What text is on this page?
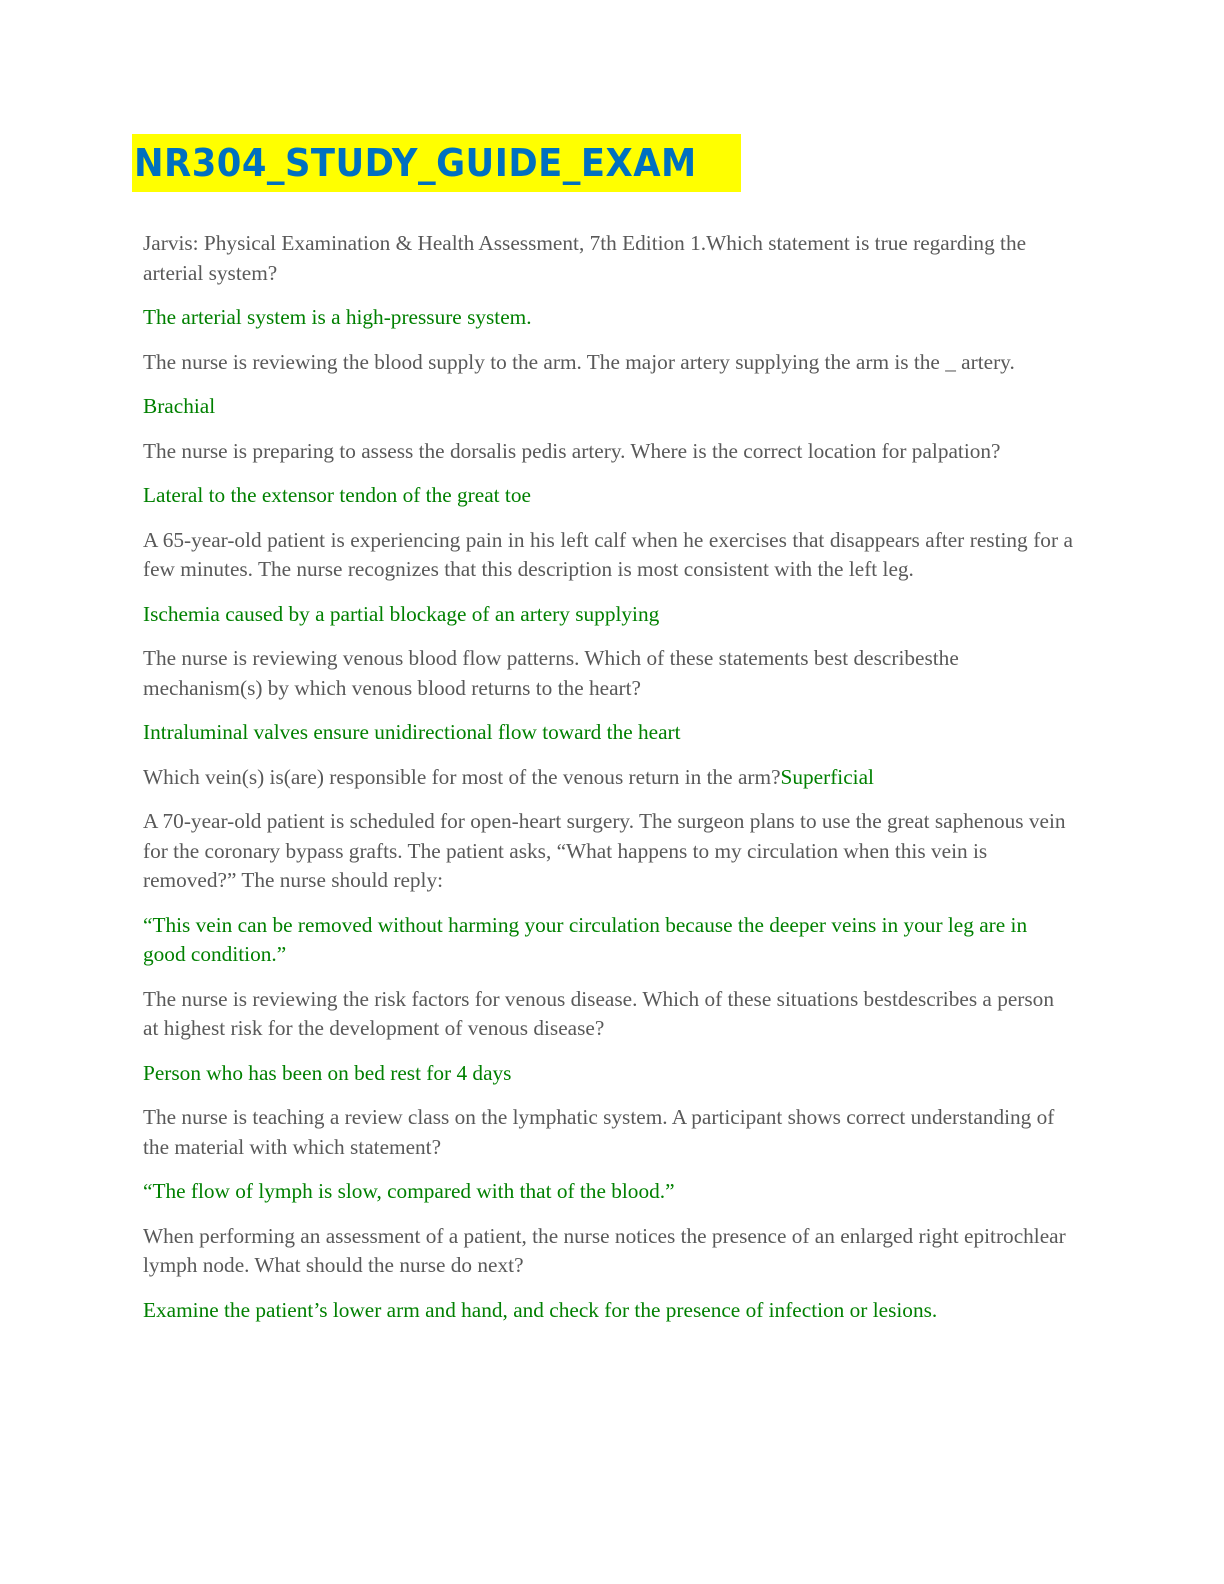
NR304_STUDY_GUIDE_EXAM

Jarvis: Physical Examination & Health Assessment, 7th Edition 1.Which statement is true regarding the arterial system?

The arterial system is a high-pressure system.

The nurse is reviewing the blood supply to the arm. The major artery supplying the arm is the _ artery.

Brachial

The nurse is preparing to assess the dorsalis pedis artery. Where is the correct location for palpation?

Lateral to the extensor tendon of the great toe

A 65-year-old patient is experiencing pain in his left calf when he exercises that disappears after resting for a few minutes. The nurse recognizes that this description is most consistent with the left leg.

Ischemia caused by a partial blockage of an artery supplying

The nurse is reviewing venous blood flow patterns. Which of these statements best describesthe mechanism(s) by which venous blood returns to the heart?

Intraluminal valves ensure unidirectional flow toward the heart

Which vein(s) is(are) responsible for most of the venous return in the arm?Superficial

A 70-year-old patient is scheduled for open-heart surgery. The surgeon plans to use the great saphenous vein for the coronary bypass grafts. The patient asks, “What happens to my circulation when this vein is removed?” The nurse should reply:

“This vein can be removed without harming your circulation because the deeper veins in your leg are in good condition.”

The nurse is reviewing the risk factors for venous disease. Which of these situations bestdescribes a person at highest risk for the development of venous disease?

Person who has been on bed rest for 4 days

The nurse is teaching a review class on the lymphatic system. A participant shows correct understanding of the material with which statement?

“The flow of lymph is slow, compared with that of the blood.”

When performing an assessment of a patient, the nurse notices the presence of an enlarged right epitrochlear lymph node. What should the nurse do next?

Examine the patient’s lower arm and hand, and check for the presence of infection or lesions.
